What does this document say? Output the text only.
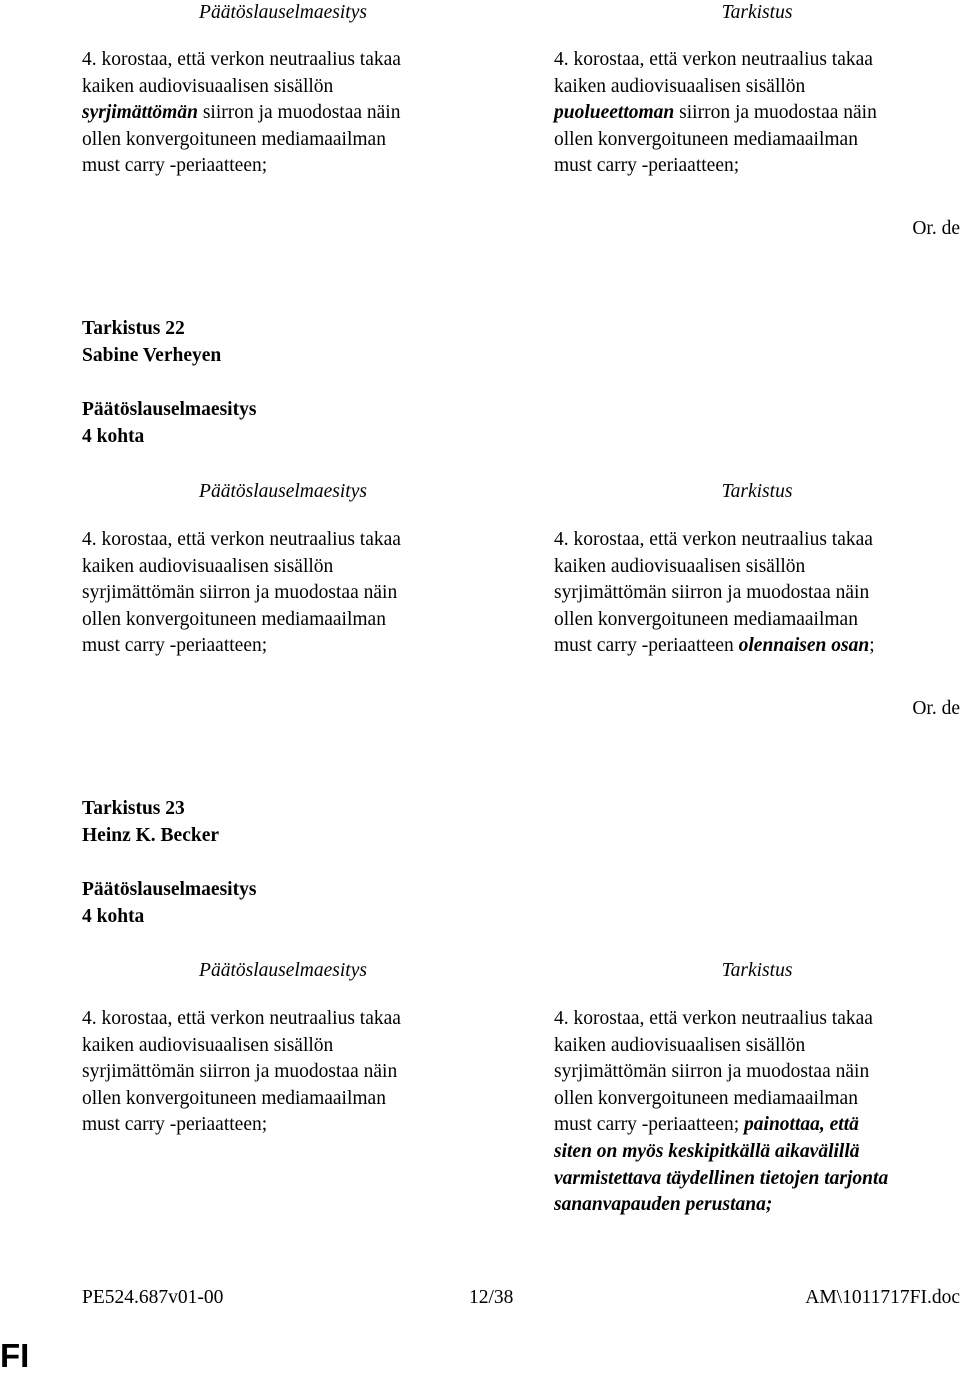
Päätöslauselmaesitys	Tarkistus
4. korostaa, että verkon neutraalius takaa
kaiken audiovisuaalisen sisällön
syrjimättömän siirron ja muodostaa näin
ollen konvergoituneen mediamaailman
must carry -periaatteen;
4. korostaa, että verkon neutraalius takaa
kaiken audiovisuaalisen sisällön
puolueettoman siirron ja muodostaa näin
ollen konvergoituneen mediamaailman
must carry -periaatteen;
Or. de
Tarkistus 22
Sabine Verheyen
Päätöslauselmaesitys
4 kohta
Päätöslauselmaesitys	Tarkistus
4. korostaa, että verkon neutraalius takaa
kaiken audiovisuaalisen sisällön
syrjimättömän siirron ja muodostaa näin
ollen konvergoituneen mediamaailman
must carry -periaatteen;
4. korostaa, että verkon neutraalius takaa
kaiken audiovisuaalisen sisällön
syrjimättömän siirron ja muodostaa näin
ollen konvergoituneen mediamaailman
must carry -periaatteen olennaisen osan;
Or. de
Tarkistus 23
Heinz K. Becker
Päätöslauselmaesitys
4 kohta
Päätöslauselmaesitys	Tarkistus
4. korostaa, että verkon neutraalius takaa
kaiken audiovisuaalisen sisällön
syrjimättömän siirron ja muodostaa näin
ollen konvergoituneen mediamaailman
must carry -periaatteen;
4. korostaa, että verkon neutraalius takaa
kaiken audiovisuaalisen sisällön
syrjimättömän siirron ja muodostaa näin
ollen konvergoituneen mediamaailman
must carry -periaatteen; painottaa, että
siten on myös keskipitkällä aikavälillä
varmistettava täydellinen tietojen tarjonta
sananvapauden perustana;
PE524.687v01-00	12/38	AM\1011717FI.doc
FI
